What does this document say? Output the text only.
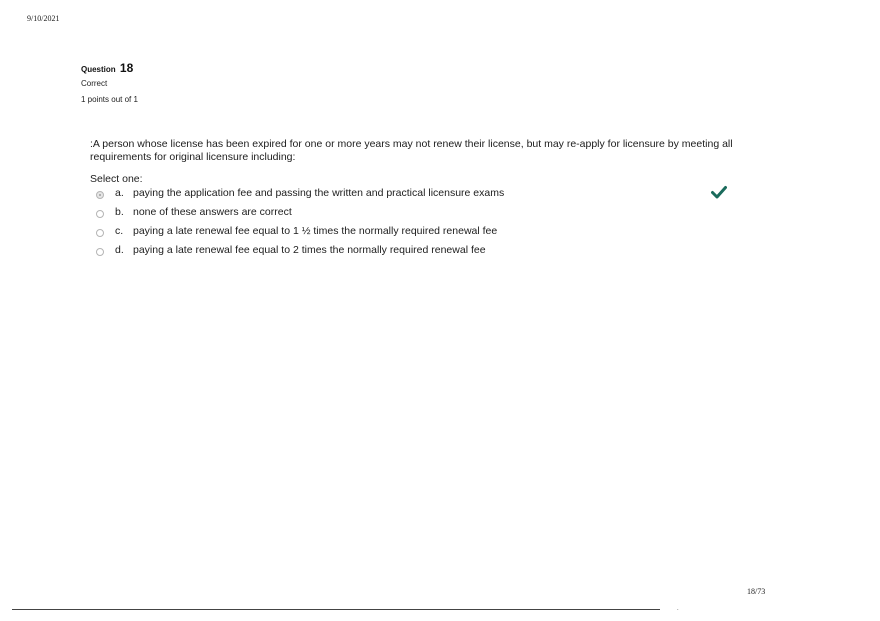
9/10/2021
Question 18
Correct
1 points out of 1
:A person whose license has been expired for one or more years may not renew their license, but may re-apply for licensure by meeting all requirements for original licensure including:
Select one:
a. paying the application fee and passing the written and practical licensure exams
b. none of these answers are correct
c. paying a late renewal fee equal to 1 ½ times the normally required renewal fee
d. paying a late renewal fee equal to 2 times the normally required renewal fee
18/73
.
